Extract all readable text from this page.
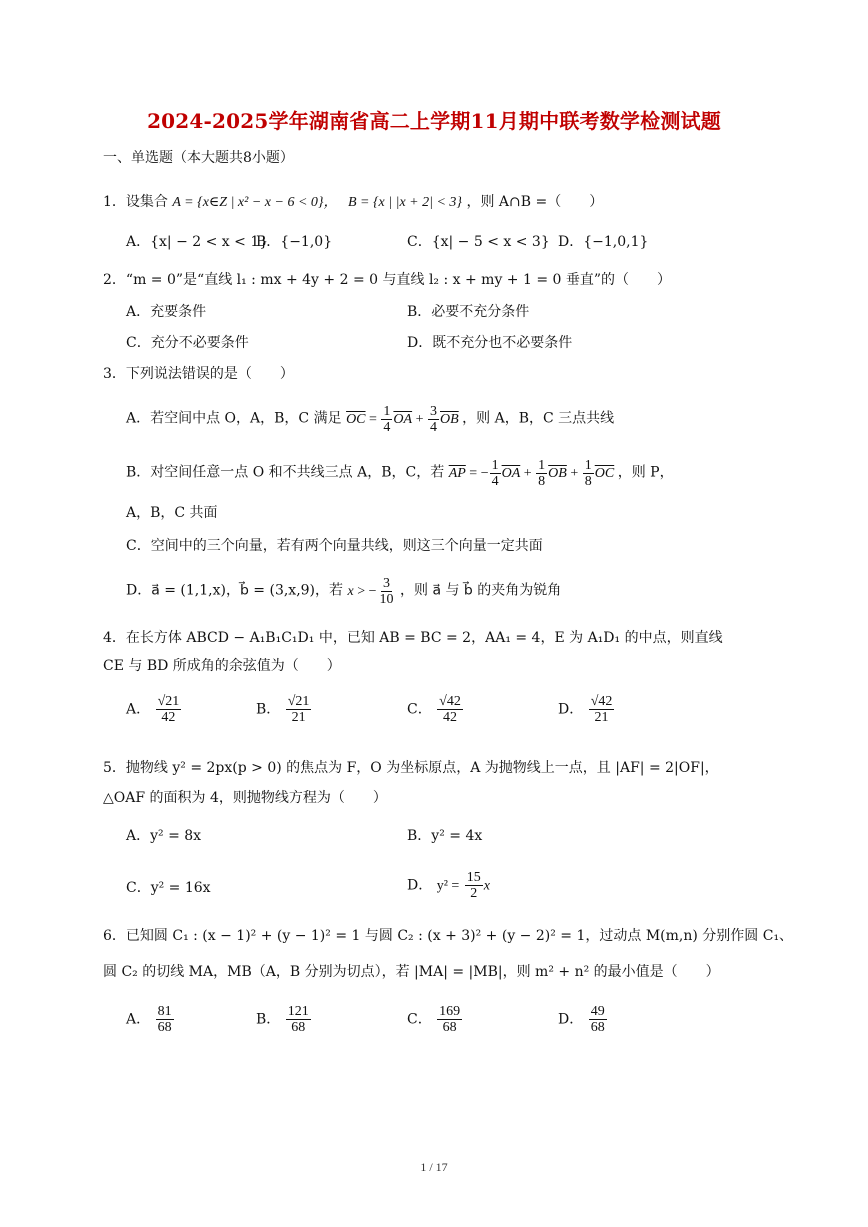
2024-2025学年湖南省高二上学期11月期中联考数学检测试题
一、单选题（本大题共8小题）
1．设集合 A = {x∈Z | x² − x − 6 < 0}， B = {x | |x + 2| < 3} ，则 A∩B =（　　）
A．{x| − 2 < x < 1}
B．{−1,0}	C．{x| − 5 < x < 3} D．{−1,0,1}
2．“m = 0”是“直线 l₁ : mx + 4y + 2 = 0 与直线 l₂ : x + my + 1 = 0 垂直”的（　　）
A．充要条件	B．必要不充分条件
C．充分不必要条件	D．既不充分也不必要条件
3．下列说法错误的是（　　）
A．若空间中点 O，A，B，C 满足 $\overline{OC} = \frac{1}{4} \overline{OA} + \frac{3}{4} \overline{OB}$ ，则 A，B，C 三点共线
B．对空间任意一点 O 和不共线三点 A，B，C，若 $\overline{AP}$ = − $\frac{1}{4} \overline{OA} + \frac{1}{8} \overline{OB} + \frac{1}{8} \overline{OC}$ ，则 P，
A，B，C 共面
C．空间中的三个向量，若有两个向量共线，则这三个向量一定共面
D．a⃗ = (1,1,x)，b⃗ = (3,x,9)，若 x > − $\frac{3}{10}$ ，则 a⃗ 与 b⃗ 的夹角为锐角
4．在长方体 ABCD − A₁B₁C₁D₁ 中，已知 AB = BC = 2，AA₁ = 4，E 为 A₁D₁ 的中点，则直线
CE 与 BD 所成角的余弦值为（　　）
A． $\frac{√21}{42}$	B． $\frac{√21}{21}$	C． $\frac{√42}{42}$	D． $\frac{√42}{21}$
5．抛物线 y² = 2px(p > 0) 的焦点为 F，O 为坐标原点，A 为抛物线上一点，且 |AF| = 2|OF|，
△OAF 的面积为 4，则抛物线方程为（　　）
A．y² = 8x	B．y² = 4x
C．y² = 16x	D． $y^2 = \frac{15}{2}$ x
6．已知圆 C₁ : (x − 1)² + (y − 1)² = 1 与圆 C₂ : (x + 3)² + (y − 2)² = 1，过动点 M(m,n) 分别作圆 C₁、
圆 C₂ 的切线 MA，MB（A，B 分别为切点），若 |MA| = |MB|，则 m² + n² 的最小值是（　　）
A． $\frac{81}{68}$	B． $\frac{121}{68}$	C． $\frac{169}{68}$	D． $\frac{49}{68}$
1 / 17
